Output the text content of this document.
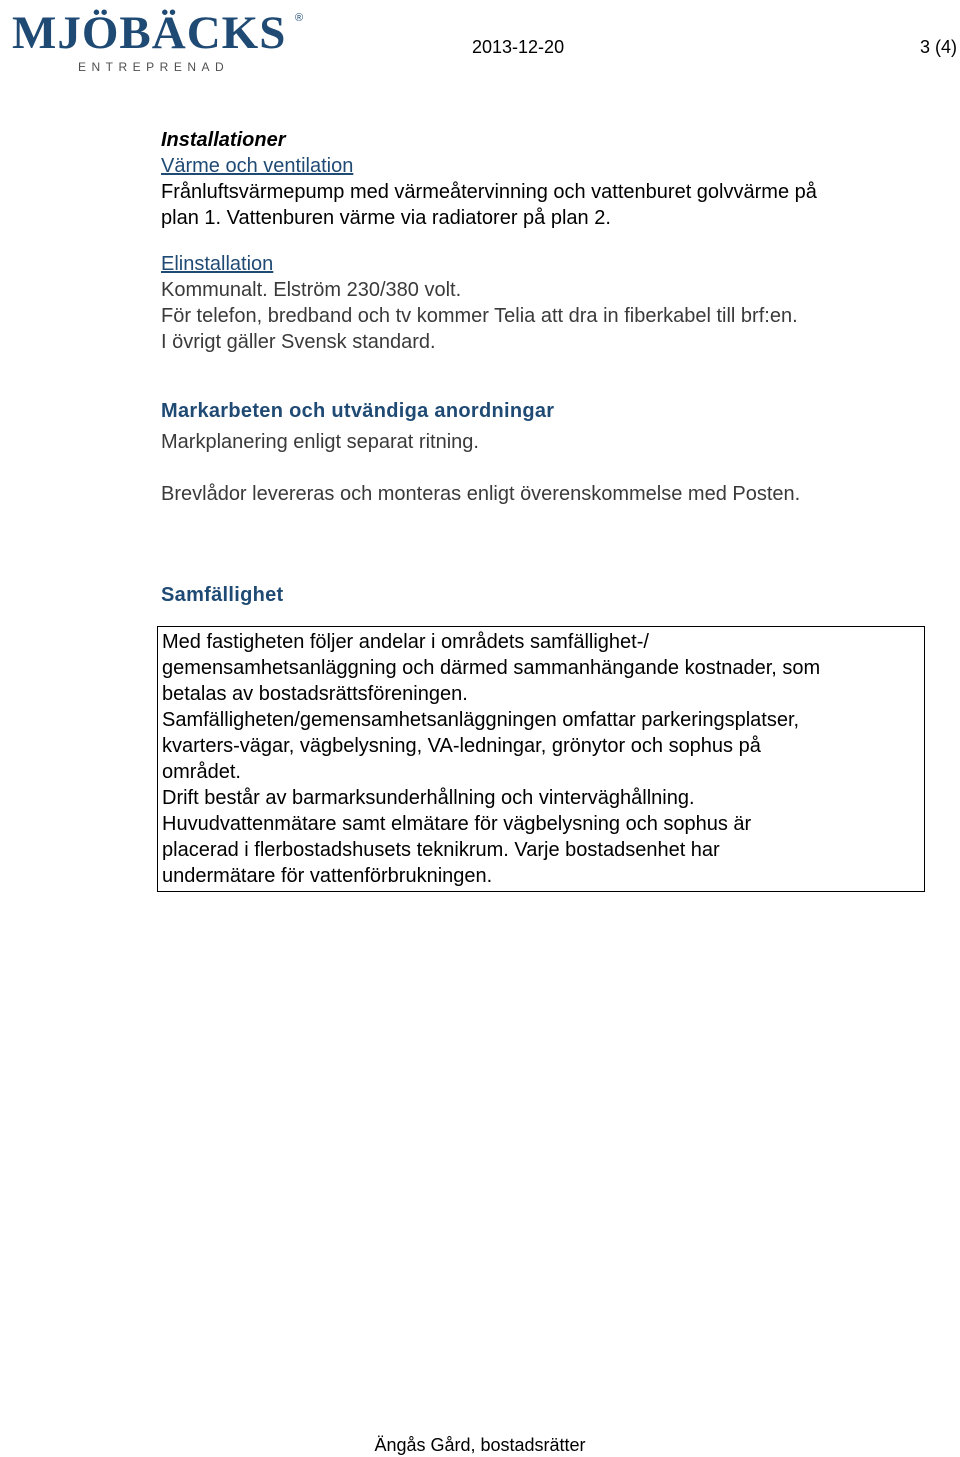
MJÖBÄCKS ®
ENTREPRENAD
2013-12-20	3 (4)

Installationer

Värme och ventilation

Frånluftsvärmepump med värmeåtervinning och vattenburet golvvärme på

plan 1. Vattenburen värme via radiatorer på plan 2.

Elinstallation

Kommunalt. Elström 230/380 volt.

För telefon, bredband och tv kommer Telia att dra in fiberkabel till brf:en.

I övrigt gäller Svensk standard.

Markarbeten och utvändiga anordningar

Markplanering enligt separat ritning.

Brevlådor levereras och monteras enligt överenskommelse med Posten.

Samfällighet

Med fastigheten följer andelar i områdets samfällighet-/

gemensamhetsanläggning och därmed sammanhängande kostnader, som

betalas av bostadsrättsföreningen.

Samfälligheten/gemensamhetsanläggningen omfattar parkeringsplatser,

kvarters-vägar, vägbelysning, VA-ledningar, grönytor och sophus på

området.

Drift består av barmarksunderhållning och vinterväghållning.

Huvudvattenmätare samt elmätare för vägbelysning och sophus är

placerad i flerbostadshusets teknikrum. Varje bostadsenhet har

undermätare för vattenförbrukningen.

Ängås Gård, bostadsrätter
